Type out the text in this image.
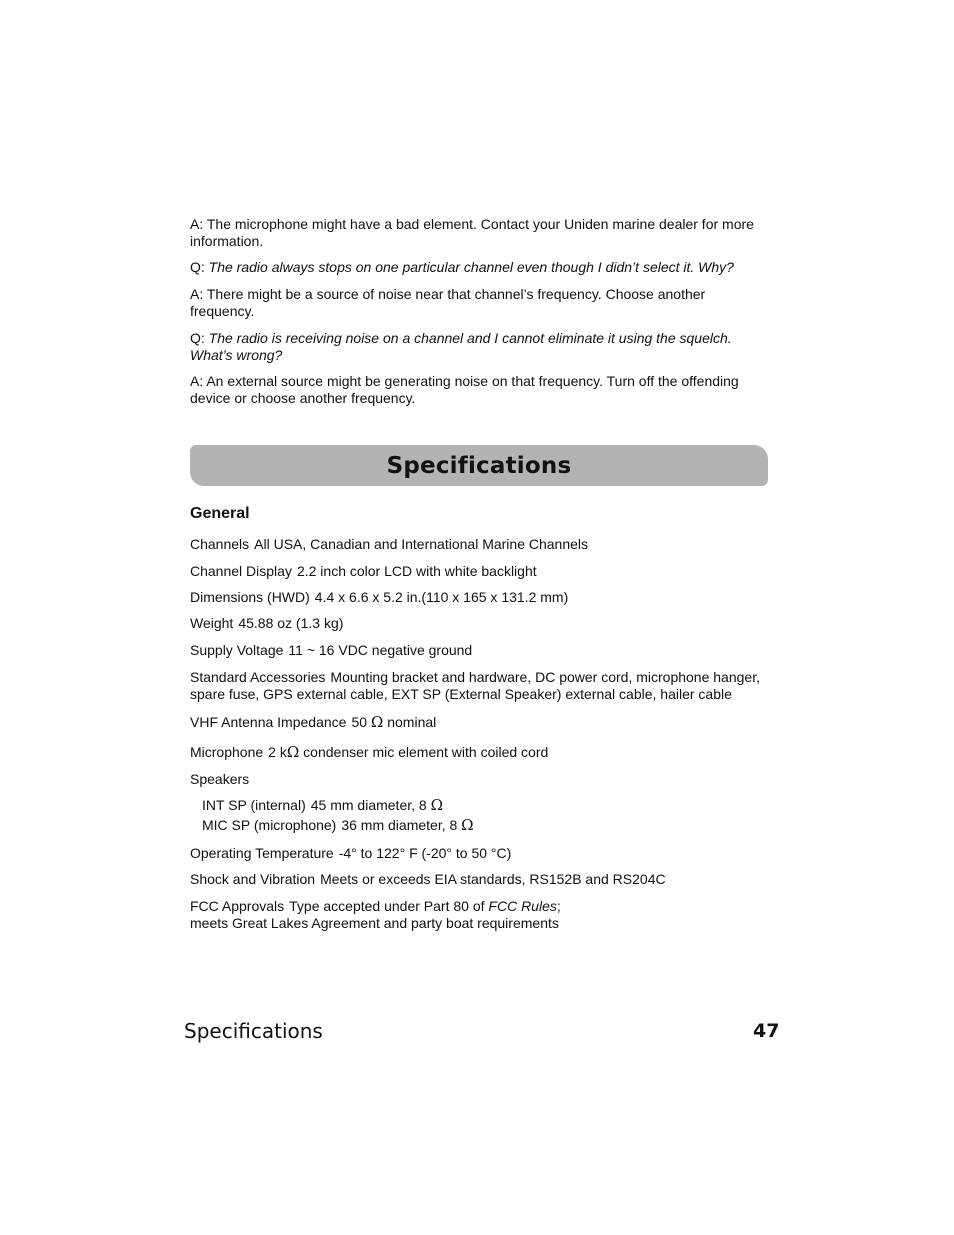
A: The microphone might have a bad element. Contact your Uniden marine dealer for more information.

Q: The radio always stops on one particular channel even though I didn’t select it. Why?

A: There might be a source of noise near that channel’s frequency. Choose another frequency.

Q: The radio is receiving noise on a channel and I cannot eliminate it using the squelch. What’s wrong?

A: An external source might be generating noise on that frequency. Turn off the offending device or choose another frequency.

Specifications
General
Channels All USA, Canadian and International Marine Channels
Channel Display 2.2 inch color LCD with white backlight
Dimensions (HWD) 4.4 x 6.6 x 5.2 in.(110 x 165 x 131.2 mm)
Weight 45.88 oz (1.3 kg)
Supply Voltage 11 ~ 16 VDC negative ground
Standard Accessories Mounting bracket and hardware, DC power cord, microphone hanger,
spare fuse, GPS external cable, EXT SP (External Speaker) external cable, hailer cable
VHF Antenna Impedance 50 Ω nominal
Microphone 2 kΩ condenser mic element with coiled cord
Speakers
INT SP (internal) 45 mm diameter, 8 Ω
MIC SP (microphone) 36 mm diameter, 8 Ω
Operating Temperature -4° to 122° F (-20° to 50 °C)
Shock and Vibration Meets or exceeds EIA standards, RS152B and RS204C
FCC Approvals Type accepted under Part 80 of FCC Rules;
meets Great Lakes Agreement and party boat requirements
Specifications	47
